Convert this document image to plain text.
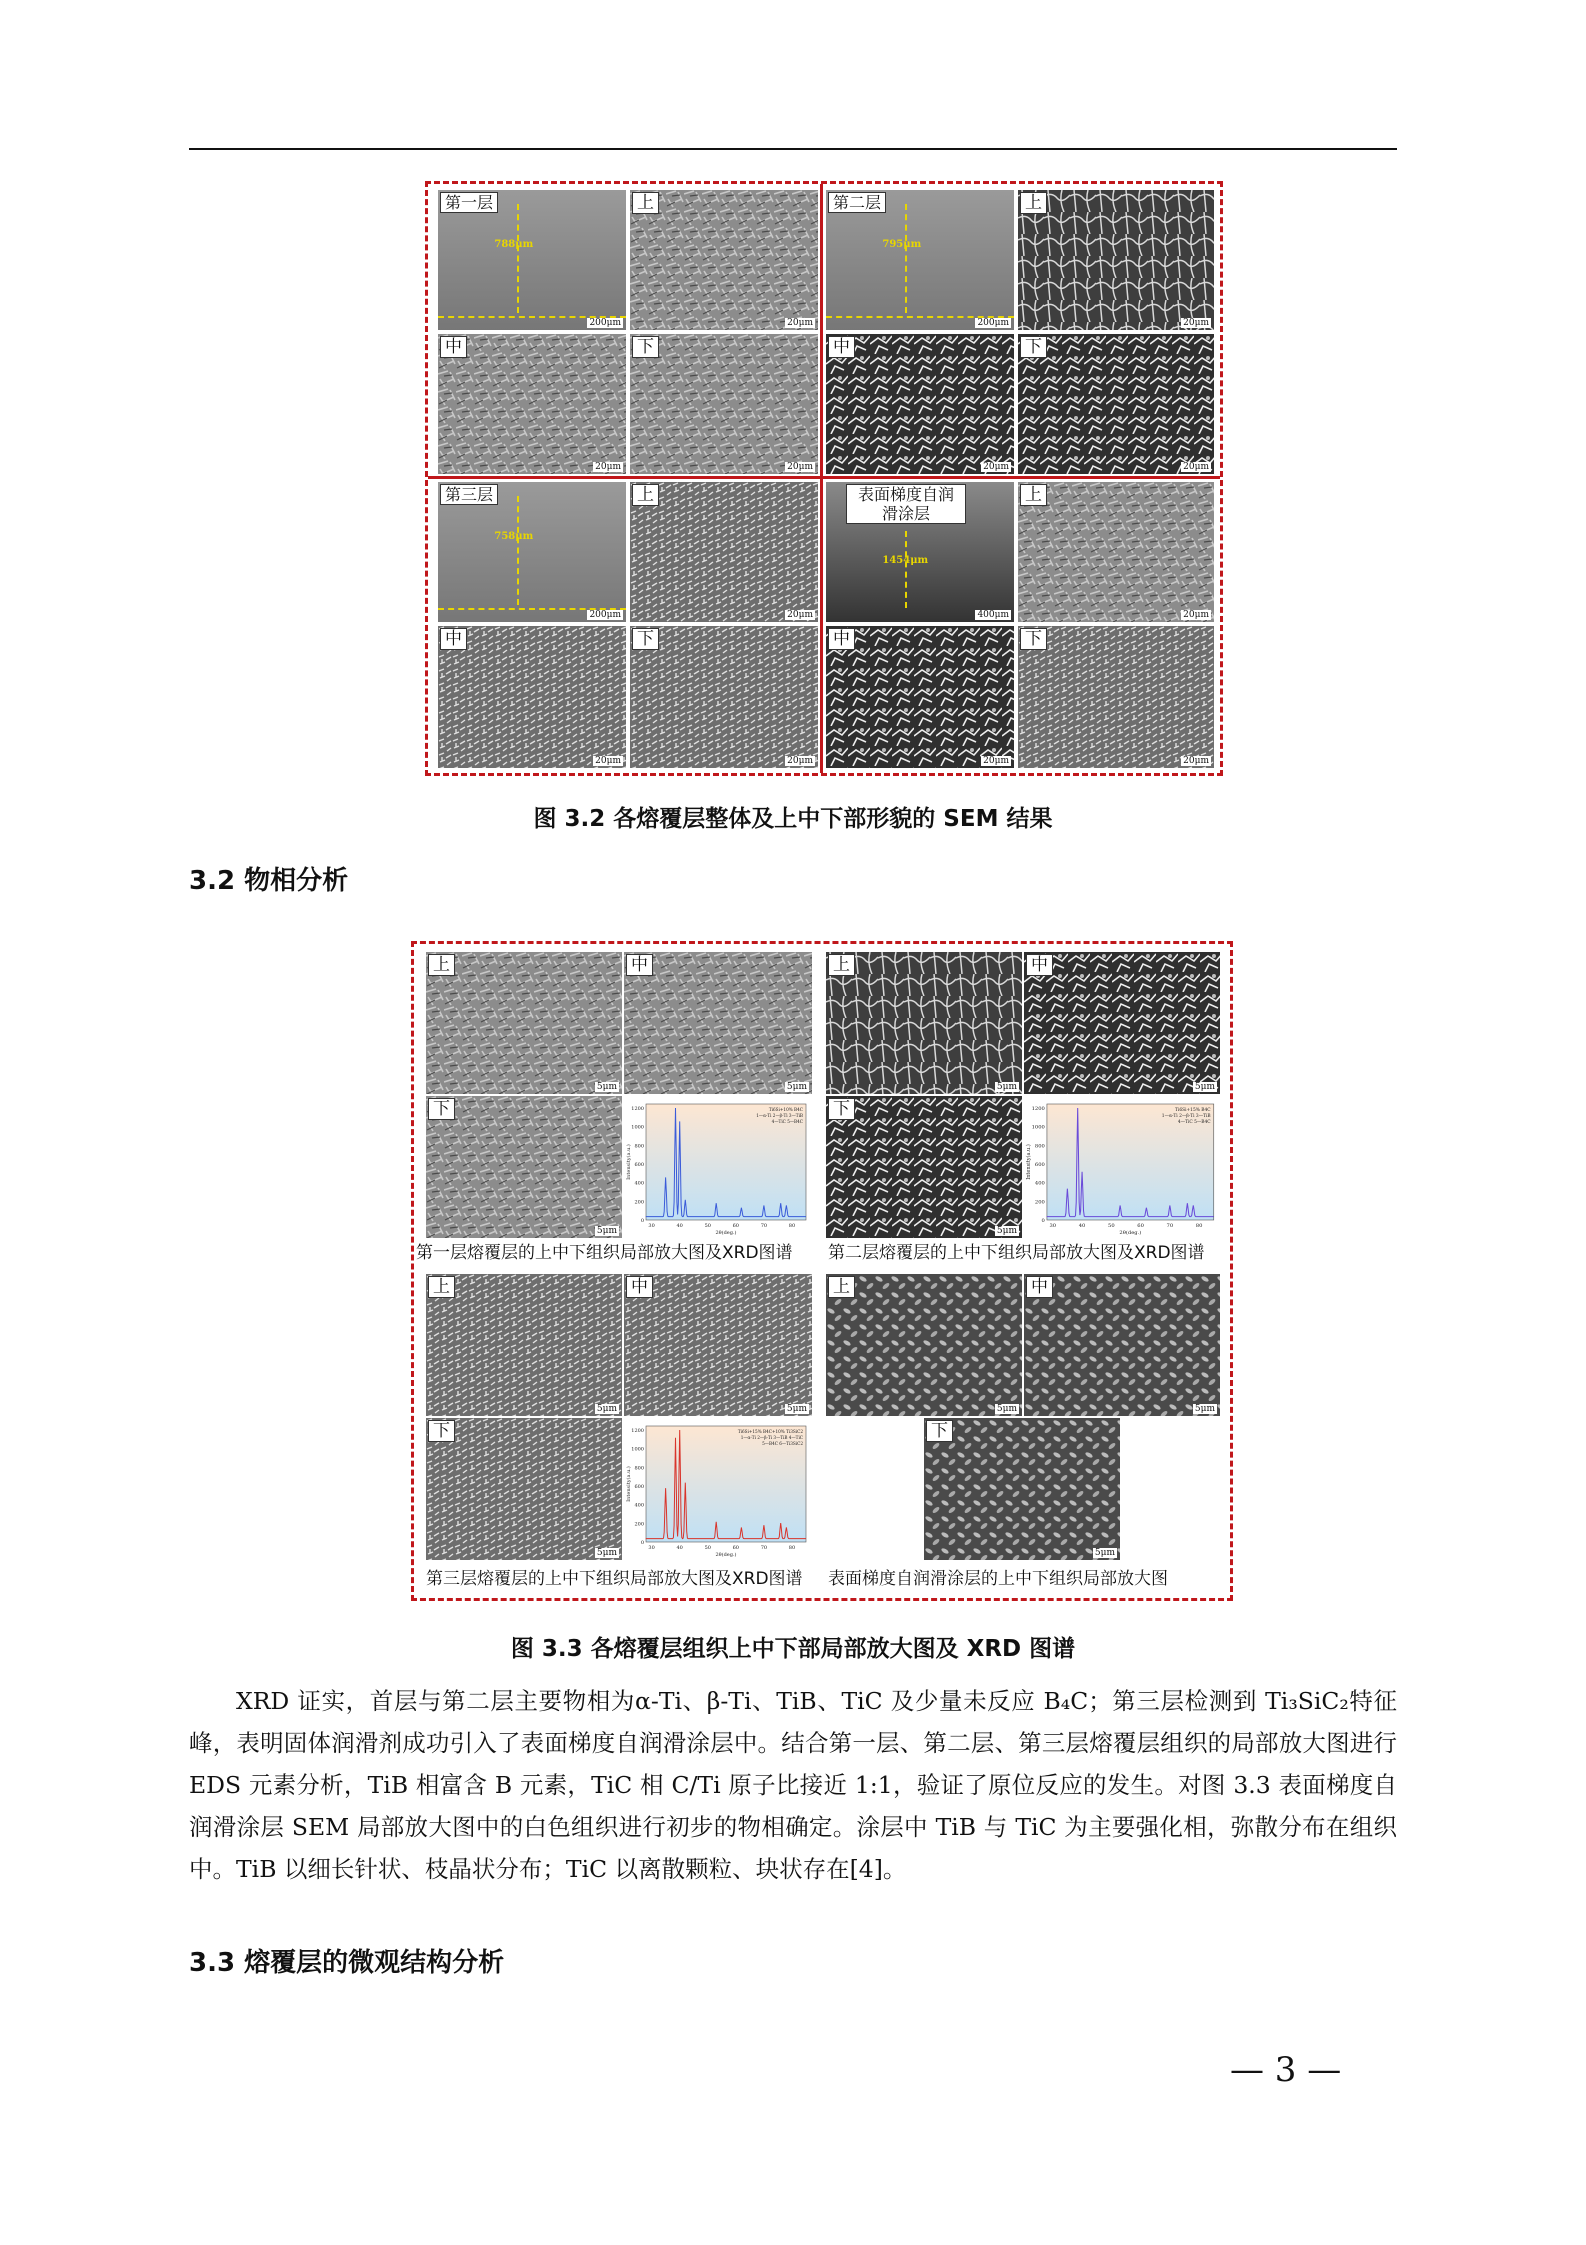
第一层
788μm
200μm
上
20μm
中
20μm
下
20μm
第二层
795μm
200μm
上
20μm
中
20μm
下
20μm
第三层
758μm
200μm
上
20μm
中
20μm
下
20μm
表面梯度自润滑涂层
1454μm
400μm
上
20μm
中
20μm
下
20μm
图 3.2 各熔覆层整体及上中下部形貌的 SEM 结果
3.2 物相分析
上
5μm
中
5μm
下
5μm	30	40	50	60	70	80
0
200
400
600
800
1000
1200
2θ(deg.)
Intensity(a.u.)
Ti6Si+10% B4C
1—α-Ti 2—β-Ti 3—TiB
4—TiC 5—B4C
第一层熔覆层的上中下组织局部放大图及XRD图谱
上
5μm
中
5μm
下
5μm	30	40	50	60	70	80
0
200
400
600
800
1000
1200
2θ(deg.)
Intensity(a.u.)
Ti6Si+15% B4C
1—α-Ti 2—β-Ti 3—TiB
4—TiC 5—B4C
第二层熔覆层的上中下组织局部放大图及XRD图谱
上
5μm
中
5μm
下
5μm	30	40	50	60	70	80
0
200
400
600
800
1000
1200
2θ(deg.)
Intensity(a.u.)
Ti6Si+15% B4C+10% Ti3SiC2
1—α-Ti 2—β-Ti 3—TiB 4—TiC
5—B4C 6—Ti3SiC2
第三层熔覆层的上中下组织局部放大图及XRD图谱
上
5μm
中
5μm
下
5μm
表面梯度自润滑涂层的上中下组织局部放大图
图 3.3 各熔覆层组织上中下部局部放大图及 XRD 图谱

XRD 证实，首层与第二层主要物相为α-Ti、β-Ti、TiB、TiC 及少量未反应 B₄C；第三层检测到 Ti₃SiC₂特征峰，表明固体润滑剂成功引入了表面梯度自润滑涂层中。结合第一层、第二层、第三层熔覆层组织的局部放大图进行 EDS 元素分析，TiB 相富含 B 元素，TiC 相 C/Ti 原子比接近 1:1，验证了原位反应的发生。对图 3.3 表面梯度自润滑涂层 SEM 局部放大图中的白色组织进行初步的物相确定。涂层中 TiB 与 TiC 为主要强化相，弥散分布在组织中。TiB 以细长针状、枝晶状分布；TiC 以离散颗粒、块状存在[4]。

3.3 熔覆层的微观结构分析
— 3 —
